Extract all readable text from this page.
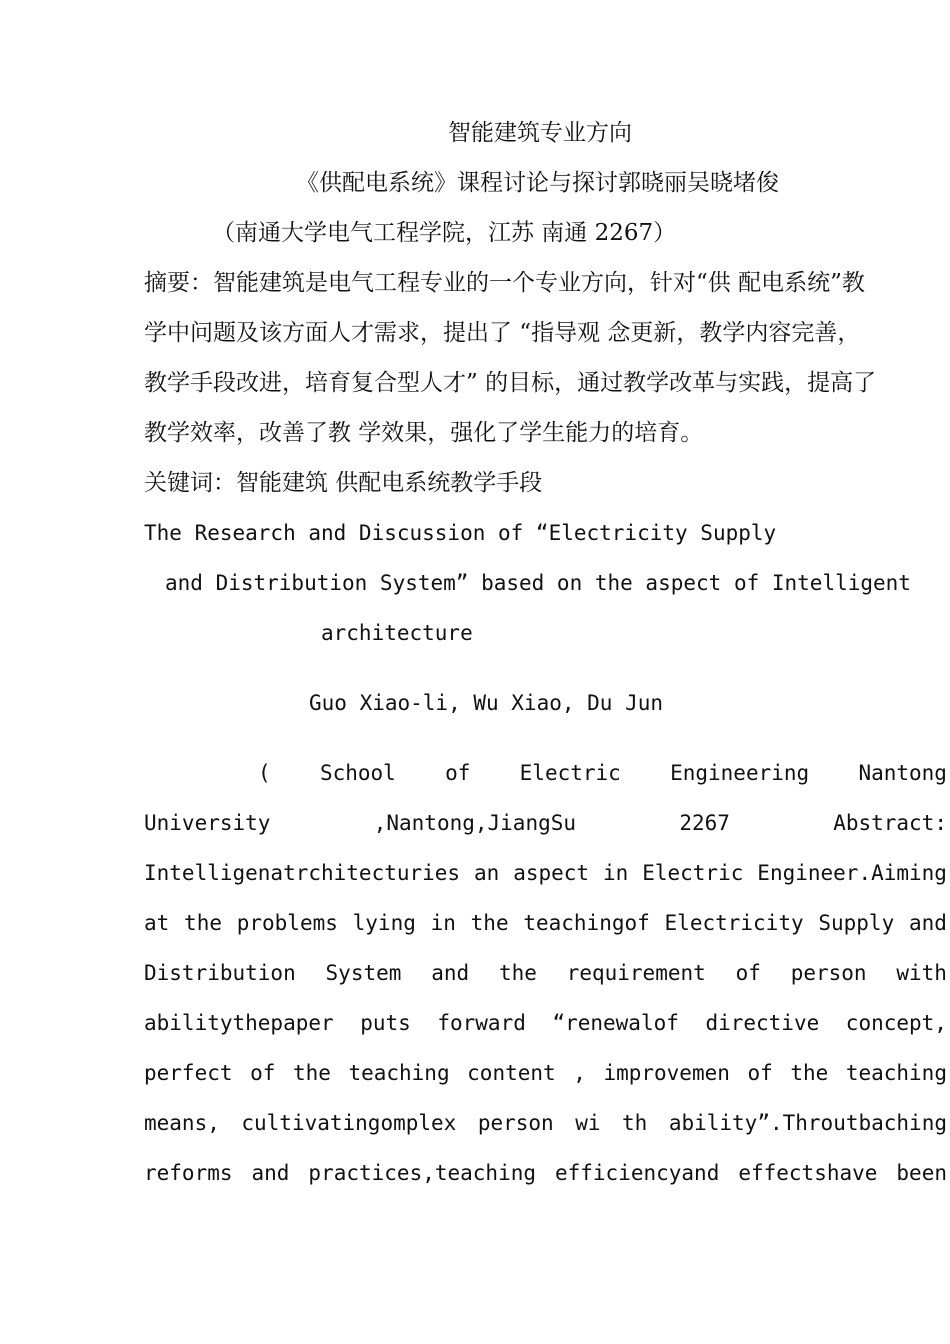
智能建筑专业方向
《供配电系统》课程讨论与探讨郭晓丽吴晓堵俊
（南通大学电气工程学院，江苏 南通 2267）
摘要：智能建筑是电气工程专业的一个专业方向，针对“供 配电系统”教
学中问题及该方面人才需求，提出了 “指导观 念更新，教学内容完善，
教学手段改进，培育复合型人才” 的目标，通过教学改革与实践，提高了
教学效率，改善了教 学效果，强化了学生能力的培育。
关键词：智能建筑 供配电系统教学手段
The Research and Discussion of “Electricity Supply
and Distribution System” based on the aspect of Intelligent
architecture
Guo Xiao-li, Wu Xiao, Du Jun
( School of Electric Engineering Nantong
University	,Nantong,JiangSu	2267	Abstract:
Intelligenatrchitecturies an aspect in Electric Engineer.Aiming
at the problems lying in the teachingof Electricity Supply and
Distribution System and the requirement of person with
abilitythepaper puts forward “renewalof directive concept,
perfect of the teaching content , improvemen of the teaching
means, cultivatingomplex person wi th ability”.Throutbaching
reforms and practices,teaching efficiencyand effectshave been
